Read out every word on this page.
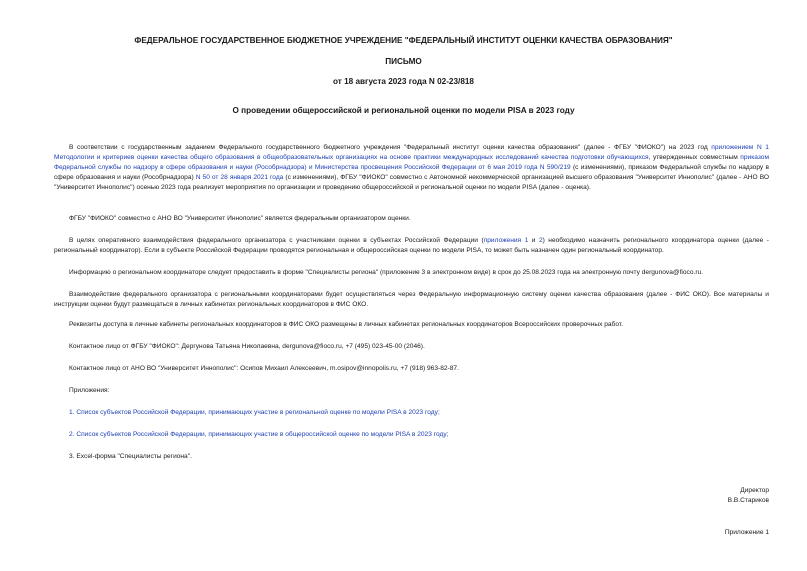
ФЕДЕРАЛЬНОЕ ГОСУДАРСТВЕННОЕ БЮДЖЕТНОЕ УЧРЕЖДЕНИЕ "ФЕДЕРАЛЬНЫЙ ИНСТИТУТ ОЦЕНКИ КАЧЕСТВА ОБРАЗОВАНИЯ"
ПИСЬМО
от 18 августа 2023 года N 02-23/818
О проведении общероссийской и региональной оценки по модели PISA в 2023 году
В соответствии с государственным заданием Федерального государственного бюджетного учреждения "Федеральный институт оценки качества образования" (далее - ФГБУ "ФИОКО") на 2023 год приложением N 1 Методологии и критериев оценки качества общего образования в общеобразовательных организациях на основе практики международных исследований качества подготовки обучающихся, утвержденных совместным приказом Федеральной службы по надзору в сфере образования и науки (Рособрнадзора) и Министерства просвещения Российской Федерации от 6 мая 2019 года N 590/219 (с изменениями), приказом Федеральной службы по надзору в сфере образования и науки (Рособрнадзора) N 50 от 28 января 2021 года (с изменениями), ФГБУ "ФИОКО" совместно с Автономной некоммерческой организацией высшего образования "Университет Иннополис" (далее - АНО ВО "Университет Иннополис") осенью 2023 года реализует мероприятия по организации и проведению общероссийской и региональной оценки по модели PISA (далее - оценка).
ФГБУ "ФИОКО" совместно с АНО ВО "Университет Иннополис" является федеральным организатором оценки.
В целях оперативного взаимодействия федерального организатора с участниками оценки в субъектах Российской Федерации (приложения 1 и 2) необходимо назначить регионального координатора оценки (далее - региональный координатор). Если в субъекте Российской Федерации проводятся региональная и общероссийская оценки по модели PISA, то может быть назначен один региональный координатор.
Информацию о региональном координаторе следует предоставить в форме "Специалисты региона" (приложение 3 в электронном виде) в срок до 25.08.2023 года на электронную почту dergunova@fioco.ru.
Взаимодействие федерального организатора с региональными координаторами будет осуществляться через Федеральную информационную систему оценки качества образования (далее - ФИС ОКО). Все материалы и инструкции оценки будут размещаться в личных кабинетах региональных координаторов в ФИС ОКО.
Реквизиты доступа в личные кабинеты региональных координаторов в ФИС ОКО размещены в личных кабинетах региональных координаторов Всероссийских проверочных работ.
Контактное лицо от ФГБУ "ФИОКО": Дергунова Татьяна Николаевна, dergunova@fioco.ru, +7 (495) 023-45-00 (2046).
Контактное лицо от АНО ВО "Университет Иннополис": Осипов Михаил Алексеевич, m.osipov@innopolis.ru, +7 (918) 963-82-87.
Приложения:
1. Список субъектов Российской Федерации, принимающих участие в региональной оценке по модели PISA в 2023 году;
2. Список субъектов Российской Федерации, принимающих участие в общероссийской оценке по модели PISA в 2023 году;
3. Excel-форма "Специалисты региона".
Директор
В.В.Стариков
Приложение 1
